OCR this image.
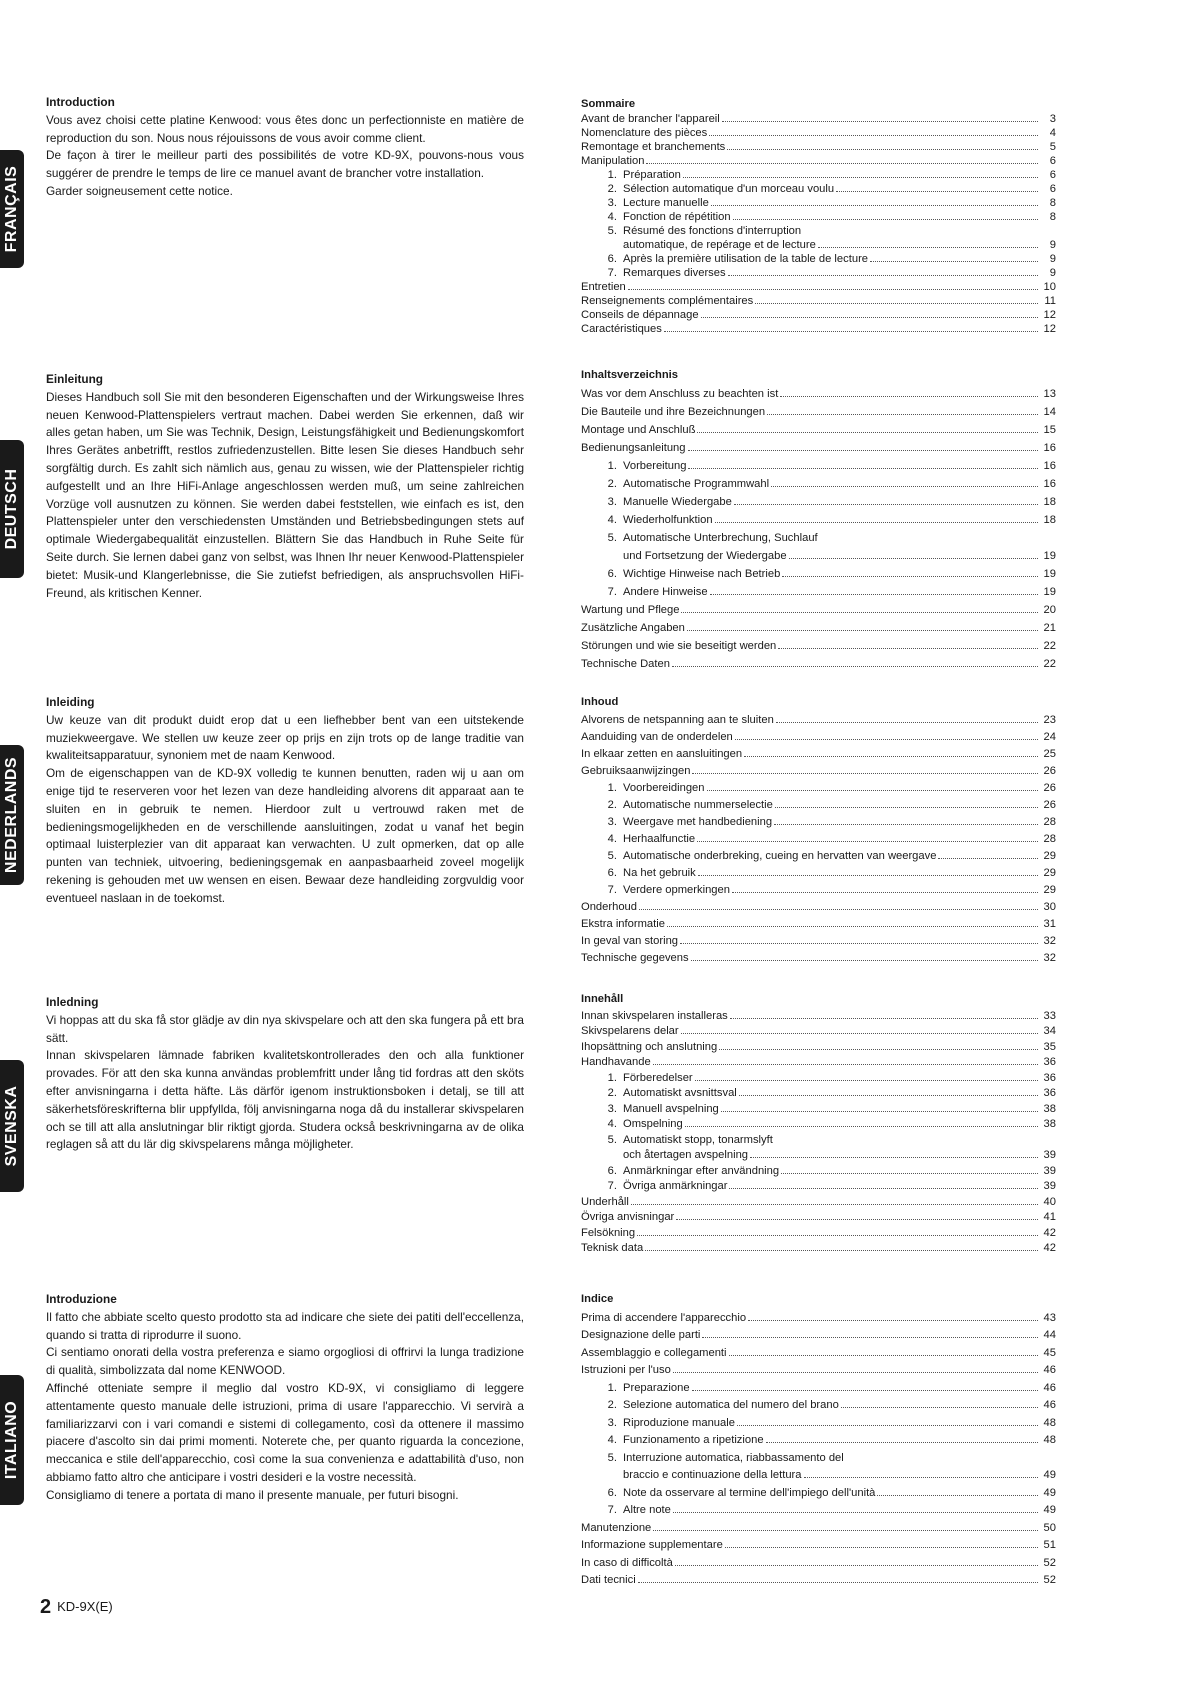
FRANÇAIS
DEUTSCH
NEDERLANDS
SVENSKA
ITALIANO
Introduction

Vous avez choisi cette platine Kenwood: vous êtes donc un perfectionniste en matière de reproduction du son. Nous nous réjouissons de vous avoir comme client.

De façon à tirer le meilleur parti des possibilités de votre KD-9X, pouvons-nous vous suggérer de prendre le temps de lire ce manuel avant de brancher votre installation.

Garder soigneusement cette notice.

Einleitung

Dieses Handbuch soll Sie mit den besonderen Eigenschaften und der Wirkungsweise Ihres neuen Kenwood-Plattenspielers vertraut machen. Dabei werden Sie erkennen, daß wir alles getan haben, um Sie was Technik, Design, Leistungsfähigkeit und Bedienungskomfort Ihres Gerätes anbetrifft, restlos zufriedenzustellen. Bitte lesen Sie dieses Handbuch sehr sorgfältig durch. Es zahlt sich nämlich aus, genau zu wissen, wie der Plattenspieler richtig aufgestellt und an Ihre HiFi-Anlage angeschlossen werden muß, um seine zahlreichen Vorzüge voll ausnutzen zu können. Sie werden dabei feststellen, wie einfach es ist, den Plattenspieler unter den verschiedensten Umständen und Betriebsbedingungen stets auf optimale Wiedergabequalität einzustellen. Blättern Sie das Handbuch in Ruhe Seite für Seite durch. Sie lernen dabei ganz von selbst, was Ihnen Ihr neuer Kenwood-Plattenspieler bietet: Musik-und Klangerlebnisse, die Sie zutiefst befriedigen, als anspruchsvollen HiFi-Freund, als kritischen Kenner.

Inleiding

Uw keuze van dit produkt duidt erop dat u een liefhebber bent van een uitstekende muziekweergave. We stellen uw keuze zeer op prijs en zijn trots op de lange traditie van kwaliteitsapparatuur, synoniem met de naam Kenwood.

Om de eigenschappen van de KD-9X volledig te kunnen benutten, raden wij u aan om enige tijd te reserveren voor het lezen van deze handleiding alvorens dit apparaat aan te sluiten en in gebruik te nemen. Hierdoor zult u vertrouwd raken met de bedieningsmogelijkheden en de verschillende aansluitingen, zodat u vanaf het begin optimaal luisterplezier van dit apparaat kan verwachten. U zult opmerken, dat op alle punten van techniek, uitvoering, bedieningsgemak en aanpasbaarheid zoveel mogelijk rekening is gehouden met uw wensen en eisen. Bewaar deze handleiding zorgvuldig voor eventueel naslaan in de toekomst.

Inledning

Vi hoppas att du ska få stor glädje av din nya skivspelare och att den ska fungera på ett bra sätt.

Innan skivspelaren lämnade fabriken kvalitetskontrollerades den och alla funktioner provades. För att den ska kunna användas problemfritt under lång tid fordras att den sköts efter anvisningarna i detta häfte. Läs därför igenom instruktionsboken i detalj, se till att säkerhetsföreskrifterna blir uppfyllda, följ anvisningarna noga då du installerar skivspelaren och se till att alla anslutningar blir riktigt gjorda. Studera också beskrivningarna av de olika reglagen så att du lär dig skivspelarens många möjligheter.

Introduzione

Il fatto che abbiate scelto questo prodotto sta ad indicare che siete dei patiti dell'eccellenza, quando si tratta di riprodurre il suono.

Ci sentiamo onorati della vostra preferenza e siamo orgogliosi di offrirvi la lunga tradizione di qualità, simbolizzata dal nome KENWOOD.

Affinché otteniate sempre il meglio dal vostro KD-9X, vi consigliamo di leggere attentamente questo manuale delle istruzioni, prima di usare l'apparecchio. Vi servirà a familiarizzarvi con i vari comandi e sistemi di collegamento, così da ottenere il massimo piacere d'ascolto sin dai primi momenti. Noterete che, per quanto riguarda la concezione, meccanica e stile dell'apparecchio, così come la sua convenienza e adattabilità d'uso, non abbiamo fatto altro che anticipare i vostri desideri e la vostre necessità.

Consigliamo di tenere a portata di mano il presente manuale, per futuri bisogni.

Sommaire
Avant de brancher l'appareil	3
Nomenclature des pièces	4
Remontage et branchements	5
Manipulation	6
1. Préparation	6
2. Sélection automatique d'un morceau voulu	6
3. Lecture manuelle	8
4. Fonction de répétition	8
5. Résumé des fonctions d'interruption
automatique, de repérage et de lecture	9
6. Après la première utilisation de la table de lecture	9
7. Remarques diverses	9
Entretien	10
Renseignements complémentaires	11
Conseils de dépannage	12
Caractéristiques	12
Inhaltsverzeichnis
Was vor dem Anschluss zu beachten ist	13
Die Bauteile und ihre Bezeichnungen	14
Montage und Anschluß	15
Bedienungsanleitung	16
1. Vorbereitung	16
2. Automatische Programmwahl	16
3. Manuelle Wiedergabe	18
4. Wiederholfunktion	18
5. Automatische Unterbrechung, Suchlauf
und Fortsetzung der Wiedergabe	19
6. Wichtige Hinweise nach Betrieb	19
7. Andere Hinweise	19
Wartung und Pflege	20
Zusätzliche Angaben	21
Störungen und wie sie beseitigt werden	22
Technische Daten	22
Inhoud
Alvorens de netspanning aan te sluiten	23
Aanduiding van de onderdelen	24
In elkaar zetten en aansluitingen	25
Gebruiksaanwijzingen	26
1. Voorbereidingen	26
2. Automatische nummerselectie	26
3. Weergave met handbediening	28
4. Herhaalfunctie	28
5. Automatische onderbreking, cueing en hervatten van weergave	29
6. Na het gebruik	29
7. Verdere opmerkingen	29
Onderhoud	30
Ekstra informatie	31
In geval van storing	32
Technische gegevens	32
Innehåll
Innan skivspelaren installeras	33
Skivspelarens delar	34
Ihopsättning och anslutning	35
Handhavande	36
1. Förberedelser	36
2. Automatiskt avsnittsval	36
3. Manuell avspelning	38
4. Omspelning	38
5. Automatiskt stopp, tonarmslyft
och återtagen avspelning	39
6. Anmärkningar efter användning	39
7. Övriga anmärkningar	39
Underhåll	40
Övriga anvisningar	41
Felsökning	42
Teknisk data	42
Indice
Prima di accendere l'apparecchio	43
Designazione delle parti	44
Assemblaggio e collegamenti	45
Istruzioni per l'uso	46
1. Preparazione	46
2. Selezione automatica del numero del brano	46
3. Riproduzione manuale	48
4. Funzionamento a ripetizione	48
5. Interruzione automatica, riabbassamento del
braccio e continuazione della lettura	49
6. Note da osservare al termine dell'impiego dell'unità	49
7. Altre note	49
Manutenzione	50
Informazione supplementare	51
In caso di difficoltà	52
Dati tecnici	52
2 KD-9X(E)
